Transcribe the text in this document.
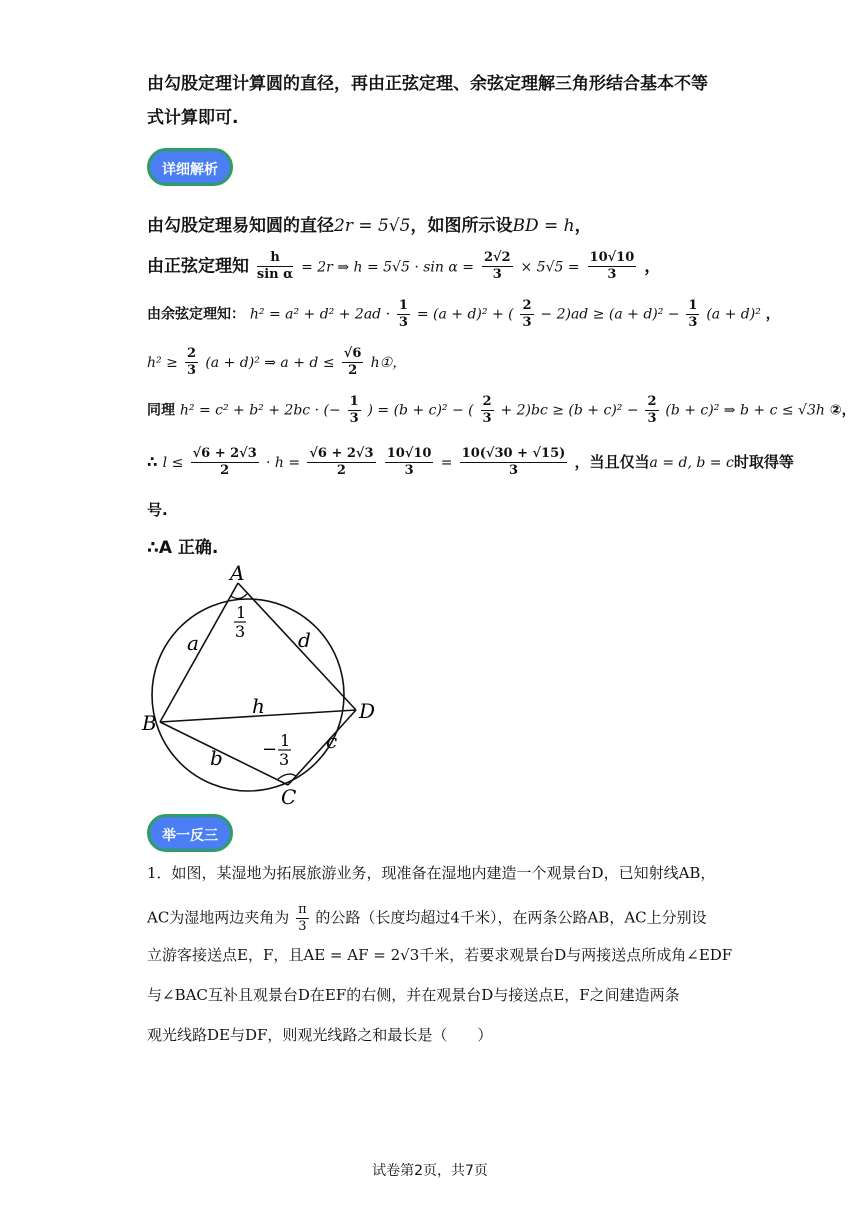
由勾股定理计算圆的直径，再由正弦定理、余弦定理解三角形结合基本不等
式计算即可.
详细解析
由勾股定理易知圆的直径2r = 5√5，如图所示设BD = h，
由正弦定理知 $\frac{h}{\text{sin α}} = 2r$ ⇒ $h = 5√5 \cdot \sin \alpha = \frac{2√2}{3} \times 5√5 = \frac{10√10}{3}$ ，
由余弦定理知： $h^2 = a^2 + d^2 + 2ad \cdot \frac{1}{3} = (a + d)^2$ + ( $\frac{2}{3} - 2)ad \ge (a + d)^2 - \frac{1}{3} (a + d)^2$ ，
$h^2 \ge \frac{2}{3} (a + d)^2$ ⇒ $a + d \le \frac{√6}{2}$ h①，
同理 h² = c² + b² + 2bc · (− $\frac{1}{3}$ ) = (b + c)² − ( $\frac{2}{3} + 2)bc \ge (b + c)^2 - \frac{2}{3} (b + c)^2$ ⇒ b + c ≤ √3h ②，
∴ $l \le \frac{√6 + 2√3}{2} \cdot h = \frac{√6 + 2√3}{2}$
$\frac{10√10}{3} = \frac{10(√30 + √15)}{3}$ ，当且仅当a = d, b = c时取得等
号.
∴A 正确.
A
B
C
D
a	d
h
b
c
1
3
− 1
3
举一反三
1．如图，某湿地为拓展旅游业务，现准备在湿地内建造一个观景台D，已知射线AB，
AC为湿地两边夹角为 $\frac{\pi}{3}$ 的公路（长度均超过4千米），在两条公路AB，AC上分别设
立游客接送点E，F，且AE = AF = 2√3千米，若要求观景台D与两接送点所成角∠EDF
与∠BAC互补且观景台D在EF的右侧，并在观景台D与接送点E，F之间建造两条
观光线路DE与DF，则观光线路之和最长是（　　）
试卷第2页，共7页
